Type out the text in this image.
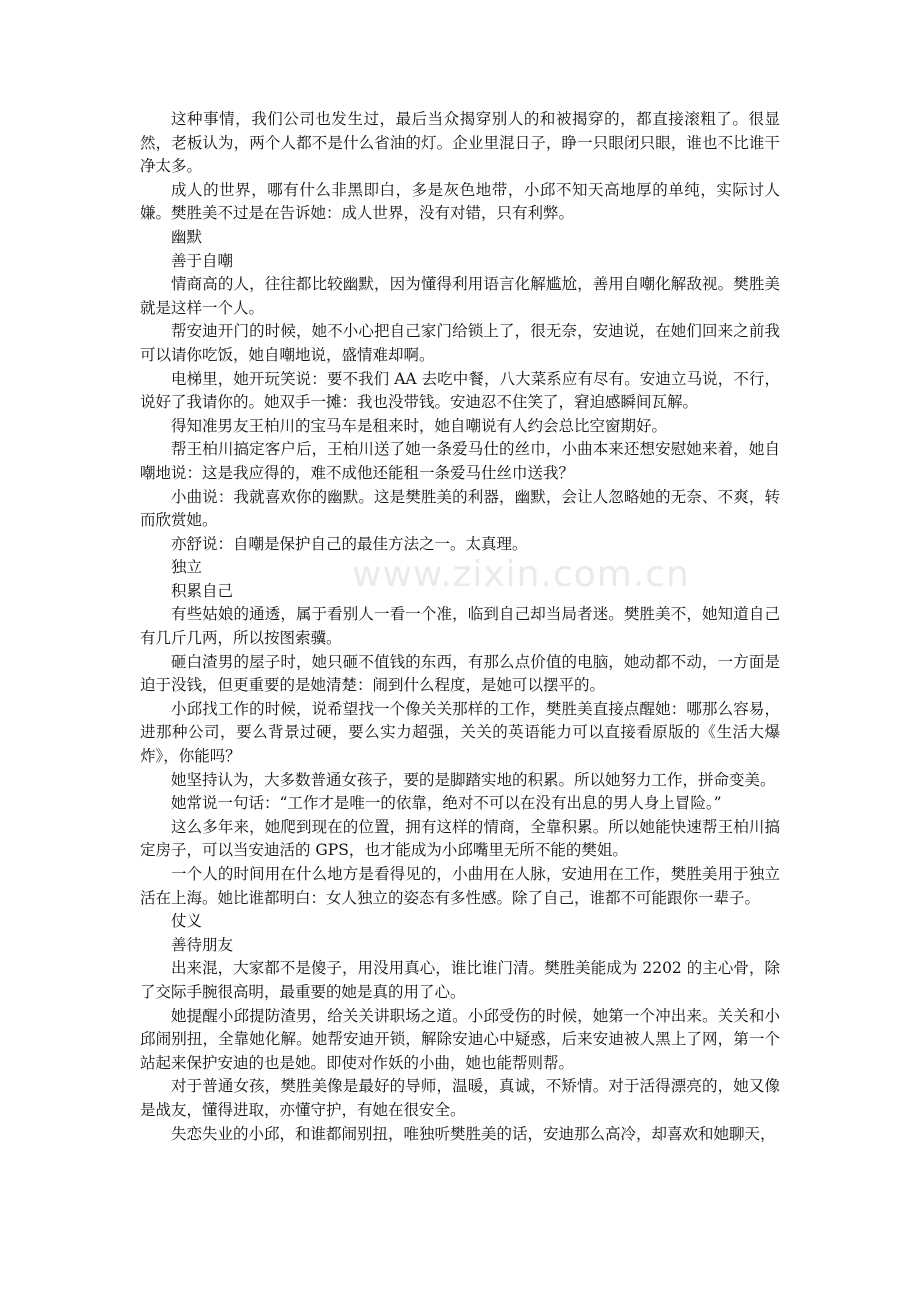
这种事情，我们公司也发生过，最后当众揭穿别人的和被揭穿的，都直接滚粗了。很显然，老板认为，两个人都不是什么省油的灯。企业里混日子，睁一只眼闭只眼，谁也不比谁干净太多。

成人的世界，哪有什么非黑即白，多是灰色地带，小邱不知天高地厚的单纯，实际讨人嫌。樊胜美不过是在告诉她：成人世界，没有对错，只有利弊。

幽默

善于自嘲

情商高的人，往往都比较幽默，因为懂得利用语言化解尴尬，善用自嘲化解敌视。樊胜美就是这样一个人。

帮安迪开门的时候，她不小心把自己家门给锁上了，很无奈，安迪说，在她们回来之前我可以请你吃饭，她自嘲地说，盛情难却啊。

电梯里，她开玩笑说：要不我们 AA 去吃中餐，八大菜系应有尽有。安迪立马说，不行，说好了我请你的。她双手一摊：我也没带钱。安迪忍不住笑了，窘迫感瞬间瓦解。

得知准男友王柏川的宝马车是租来时，她自嘲说有人约会总比空窗期好。

帮王柏川搞定客户后，王柏川送了她一条爱马仕的丝巾，小曲本来还想安慰她来着，她自嘲地说：这是我应得的，难不成他还能租一条爱马仕丝巾送我？

小曲说：我就喜欢你的幽默。这是樊胜美的利器，幽默，会让人忽略她的无奈、不爽，转而欣赏她。

亦舒说：自嘲是保护自己的最佳方法之一。太真理。

独立

积累自己

有些姑娘的通透，属于看别人一看一个准，临到自己却当局者迷。樊胜美不，她知道自己有几斤几两，所以按图索骥。

砸白渣男的屋子时，她只砸不值钱的东西，有那么点价值的电脑，她动都不动，一方面是迫于没钱，但更重要的是她清楚：闹到什么程度，是她可以摆平的。

小邱找工作的时候，说希望找一个像关关那样的工作，樊胜美直接点醒她：哪那么容易，进那种公司，要么背景过硬，要么实力超强，关关的英语能力可以直接看原版的《生活大爆炸》，你能吗？

她坚持认为，大多数普通女孩子，要的是脚踏实地的积累。所以她努力工作，拼命变美。

她常说一句话：“工作才是唯一的依靠，绝对不可以在没有出息的男人身上冒险。”

这么多年来，她爬到现在的位置，拥有这样的情商，全靠积累。所以她能快速帮王柏川搞定房子，可以当安迪活的 GPS，也才能成为小邱嘴里无所不能的樊姐。

一个人的时间用在什么地方是看得见的，小曲用在人脉，安迪用在工作，樊胜美用于独立活在上海。她比谁都明白：女人独立的姿态有多性感。除了自己，谁都不可能跟你一辈子。

仗义

善待朋友

出来混，大家都不是傻子，用没用真心，谁比谁门清。樊胜美能成为 2202 的主心骨，除了交际手腕很高明，最重要的她是真的用了心。

她提醒小邱提防渣男，给关关讲职场之道。小邱受伤的时候，她第一个冲出来。关关和小邱闹别扭，全靠她化解。她帮安迪开锁，解除安迪心中疑惑，后来安迪被人黑上了网，第一个站起来保护安迪的也是她。即使对作妖的小曲，她也能帮则帮。

对于普通女孩，樊胜美像是最好的导师，温暖，真诚，不矫情。对于活得漂亮的，她又像是战友，懂得进取，亦懂守护，有她在很安全。

失恋失业的小邱，和谁都闹别扭，唯独听樊胜美的话，安迪那么高冷，却喜欢和她聊天，

www.zixin.com.cn
